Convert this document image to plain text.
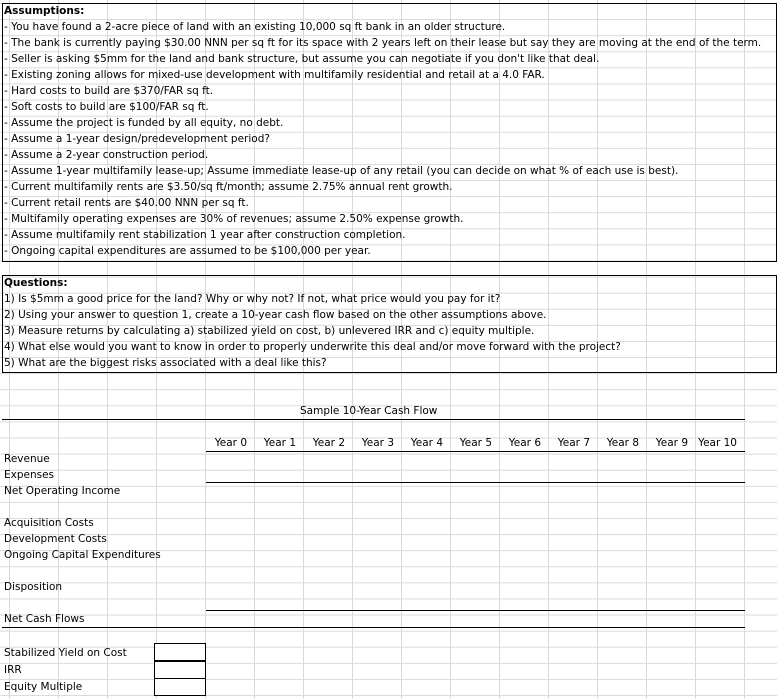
Assumptions:
- You have found a 2-acre piece of land with an existing 10,000 sq ft bank in an older structure.
- The bank is currently paying $30.00 NNN per sq ft for its space with 2 years left on their lease but say they are moving at the end of the term.
- Seller is asking $5mm for the land and bank structure, but assume you can negotiate if you don't like that deal.
- Existing zoning allows for mixed-use development with multifamily residential and retail at a 4.0 FAR.
- Hard costs to build are $370/FAR sq ft.
- Soft costs to build are $100/FAR sq ft.
- Assume the project is funded by all equity, no debt.
- Assume a 1-year design/predevelopment period?
- Assume a 2-year construction period.
- Assume 1-year multifamily lease-up; Assume immediate lease-up of any retail (you can decide on what % of each use is best).
- Current multifamily rents are $3.50/sq ft/month; assume 2.75% annual rent growth.
- Current retail rents are $40.00 NNN per sq ft.
- Multifamily operating expenses are 30% of revenues; assume 2.50% expense growth.
- Assume multifamily rent stabilization 1 year after construction completion.
- Ongoing capital expenditures are assumed to be $100,000 per year.
Questions:
1) Is $5mm a good price for the land? Why or why not? If not, what price would you pay for it?
2) Using your answer to question 1, create a 10-year cash flow based on the other assumptions above.
3) Measure returns by calculating a) stabilized yield on cost, b) unlevered IRR and c) equity multiple.
4) What else would you want to know in order to properly underwrite this deal and/or move forward with the project?
5) What are the biggest risks associated with a deal like this?
Sample 10-Year Cash Flow
Year 0	Year 1	Year 2	Year 3	Year 4	Year 5	Year 6	Year 7	Year 8	Year 9 Year 10
Revenue
Expenses
Net Operating Income
Acquisition Costs
Development Costs
Ongoing Capital Expenditures
Disposition
Net Cash Flows
Stabilized Yield on Cost
IRR
Equity Multiple
